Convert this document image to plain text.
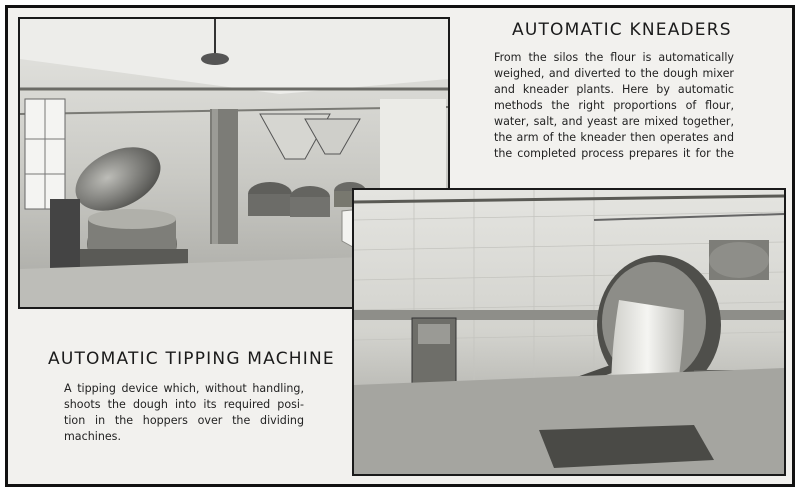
AUTOMATIC KNEADERS
From the silos the flour is automatically
weighed, and diverted to the dough mixer
and kneader plants. Here by automatic
methods the right proportions of flour,
water, salt, and yeast are mixed together,
the arm of the kneader then operates and
the completed process prepares it for the
AUTOMATIC TIPPING MACHINE
A tipping device which, without handling,
shoots the dough into its required posi-
tion in the hoppers over the dividing
machines.
